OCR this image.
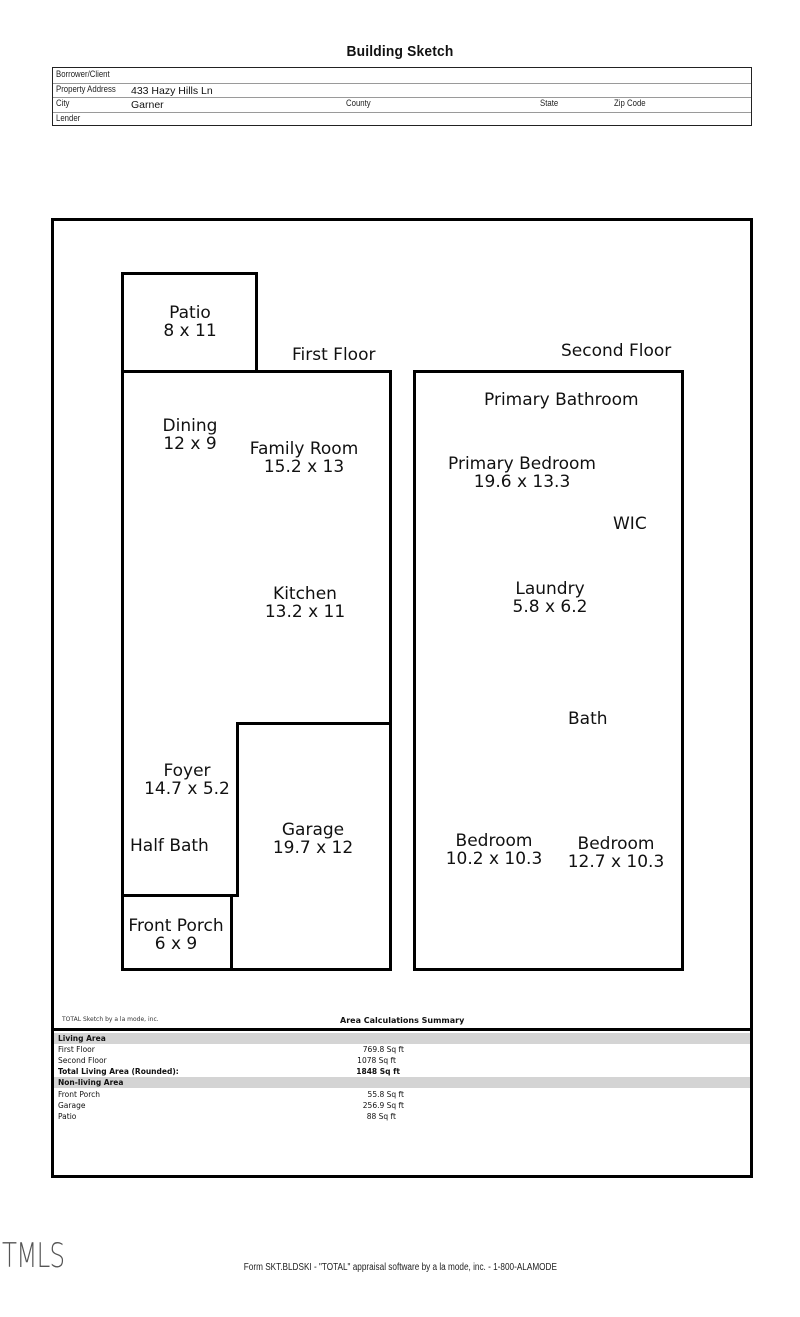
Building Sketch
Borrower/Client
Property Address 433 Hazy Hills Ln
City	Garner	County	State	Zip Code
Lender
First Floor	Second Floor
Patio
8 x 11
Dining
12 x 9	Family Room
15.2 x 13
Kitchen
13.2 x 11
Foyer
14.7 x 5.2
Half Bath
Garage
19.7 x 12
Front Porch
6 x 9
Primary Bathroom
Primary Bedroom
19.6 x 13.3
WIC
Laundry
5.8 x 6.2
Bath
Bedroom
10.2 x 10.3
Bedroom
12.7 x 10.3
TOTAL Sketch by a la mode, inc.	Area Calculations Summary
Living Area
First Floor	769.8 Sq ft
Second Floor	1078 Sq ft
Total Living Area (Rounded):	1848 Sq ft
Non-living Area
Front Porch	55.8 Sq ft
Garage	256.9 Sq ft
Patio	88 Sq ft
TMLS	Form SKT.BLDSKI - "TOTAL" appraisal software by a la mode, inc. - 1-800-ALAMODE
